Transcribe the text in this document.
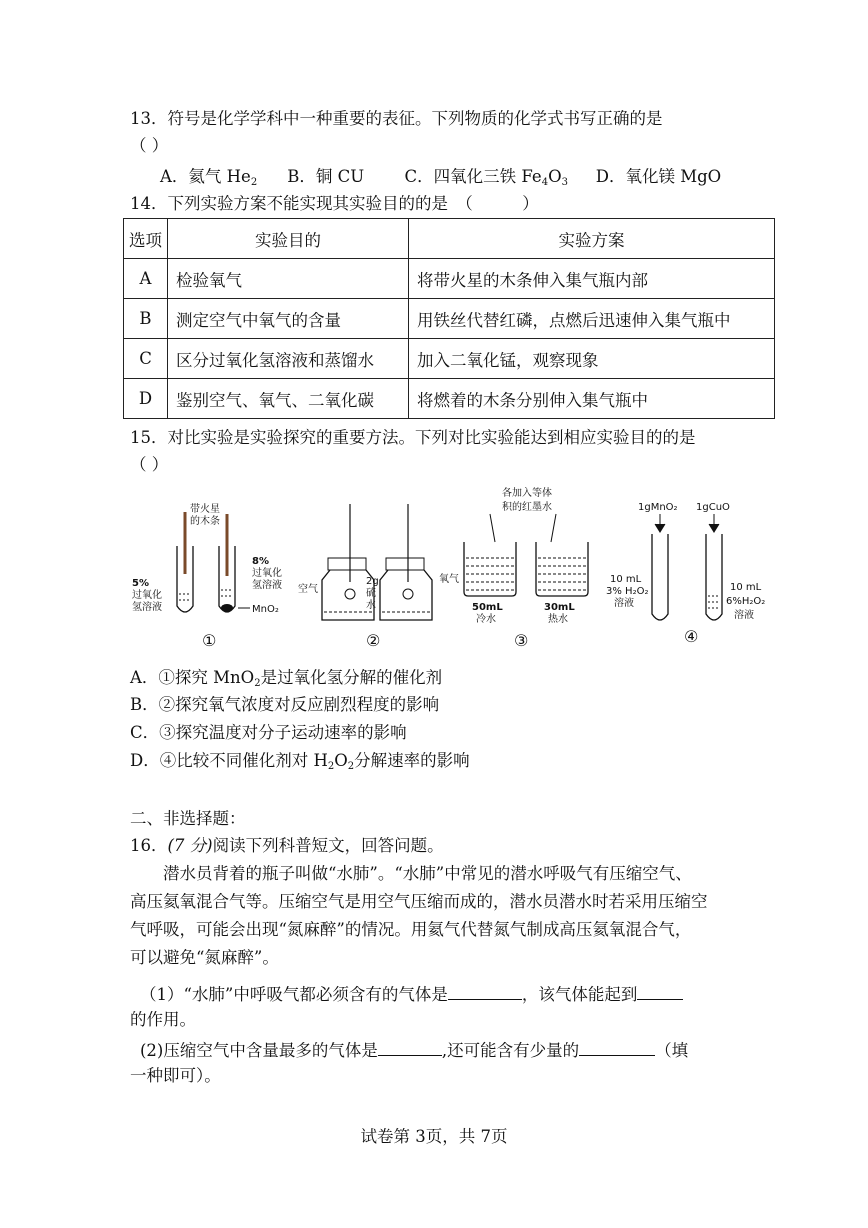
13．符号是化学学科中一种重要的表征。下列物质的化学式书写正确的是
（ ）
A．氦气 $He_2$ B．铜 CU C．四氧化三铁 $Fe_4O_3$ D．氧化镁 MgO
14．下列实验方案不能实现其实验目的的是　（　　　）
选项	实验目的	实验方案
A	检验氧气	将带火星的木条伸入集气瓶内部
B	测定空气中氧气的含量	用铁丝代替红磷，点燃后迅速伸入集气瓶中
C	区分过氧化氢溶液和蒸馏水	加入二氧化锰，观察现象
D	鉴别空气、氧气、二氧化碳	将燃着的木条分别伸入集气瓶中
15．对比实验是实验探究的重要方法。下列对比实验能达到相应实验目的的是
（ ）
带火星
的木条
5%
过氧化
氢溶液
8%
过氧化
氢溶液
MnO₂
①
空气
2g
硫
水
氧气
②
各加入等体
积的红墨水
50mL
冷水
30mL
热水
③
1gMnO₂ 1gCuO
10 mL
3% H₂O₂
溶液
10 mL
6%H₂O₂
溶液
④
A．①探究 MnO$_2$是过氧化氢分解的催化剂
B．②探究氧气浓度对反应剧烈程度的影响
C．③探究温度对分子运动速率的影响
D．④比较不同催化剂对 $H_2O_2$分解速率的影响
二、非选择题：
16．(7 分)阅读下列科普短文，回答问题。
潜水员背着的瓶子叫做“水肺”。“水肺”中常见的潜水呼吸气有压缩空气、
高压氦氧混合气等。压缩空气是用空气压缩而成的，潜水员潜水时若采用压缩空
气呼吸，可能会出现“氮麻醉”的情况。用氦气代替氮气制成高压氦氧混合气，
可以避免“氮麻醉”。
（1）“水肺”中呼吸气都必须含有的气体是	，该气体能起到
的作用。
(2)压缩空气中含量最多的气体是	,还可能含有少量的	（填
一种即可）。
试卷第 3页，共 7页
